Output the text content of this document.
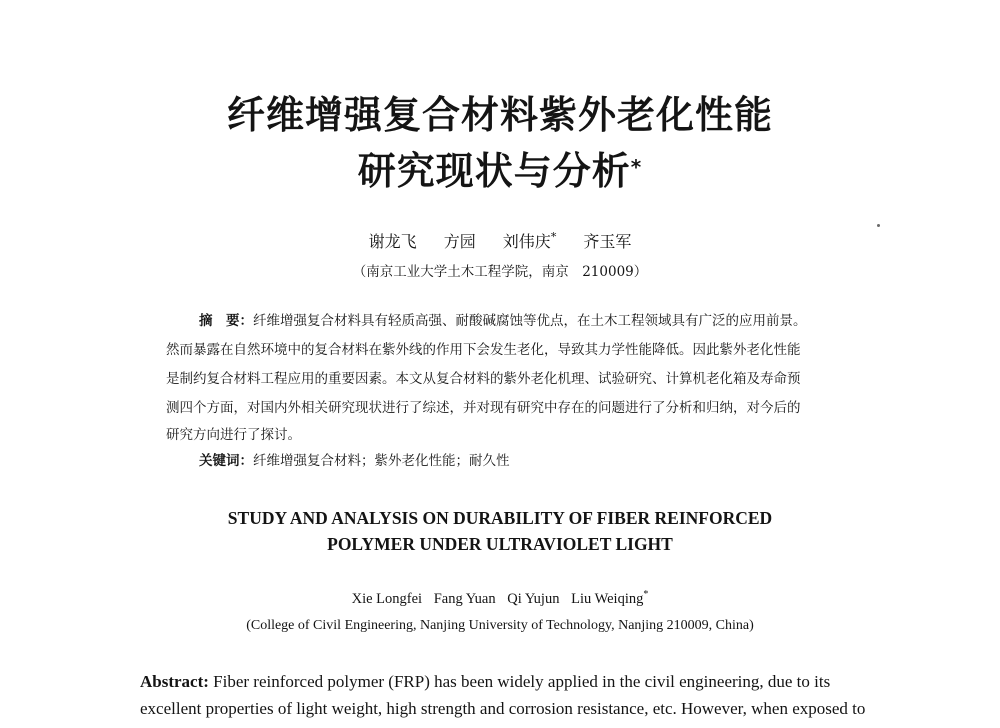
纤维增强复合材料紫外老化性能
研究现状与分析*
谢龙飞 方园 刘伟庆* 齐玉军
（南京工业大学土木工程学院，南京　210009）
摘　要：纤维增强复合材料具有轻质高强、耐酸碱腐蚀等优点，在土木工程领域具有广泛的应用前景。
然而暴露在自然环境中的复合材料在紫外线的作用下会发生老化，导致其力学性能降低。因此紫外老化性能
是制约复合材料工程应用的重要因素。本文从复合材料的紫外老化机理、试验研究、计算机老化箱及寿命预
测四个方面，对国内外相关研究现状进行了综述，并对现有研究中存在的问题进行了分析和归纳，对今后的
研究方向进行了探讨。
关键词：纤维增强复合材料；紫外老化性能；耐久性
STUDY AND ANALYSIS ON DURABILITY OF FIBER REINFORCED
POLYMER UNDER ULTRAVIOLET LIGHT
Xie Longfei Fang Yuan Qi Yujun Liu Weiqing*
(College of Civil Engineering, Nanjing University of Technology, Nanjing 210009, China)
Abstract: Fiber reinforced polymer (FRP) has been widely applied in the civil engineering, due to its
excellent properties of light weight, high strength and corrosion resistance, etc. However, when exposed to
